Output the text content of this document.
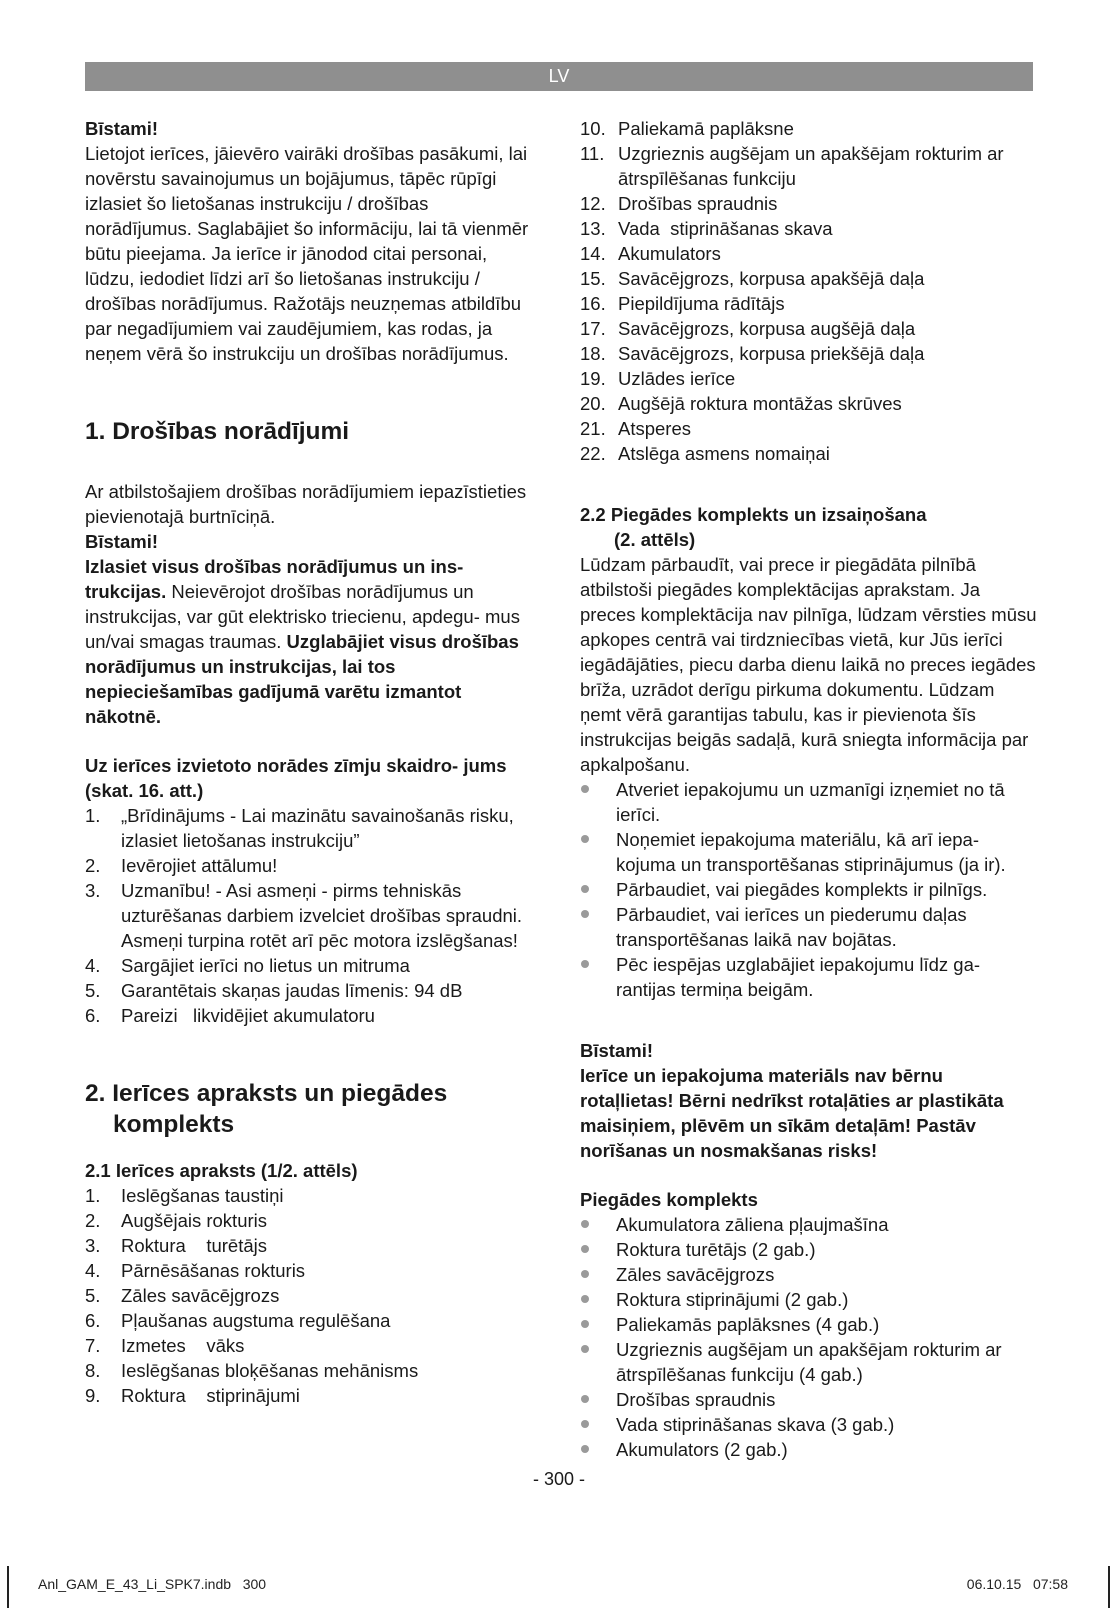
LV

Bīstami!

Lietojot ierīces, jāievēro vairāki drošības pasākumi, lai novērstu savainojumus un bojājumus, tāpēc rūpīgi izlasiet šo lietošanas instrukciju / drošības norādījumus. Saglabājiet šo informāciju, lai tā vienmēr būtu pieejama. Ja ierīce ir jānodod citai personai, lūdzu, iedodiet līdzi arī šo lietošanas instrukciju / drošības norādījumus. Ražotājs neuzņemas atbildību par negadījumiem vai zaudējumiem, kas rodas, ja neņem vērā šo instrukciju un drošības norādījumus.

1. Drošības norādījumi

Ar atbilstošajiem drošības norādījumiem iepazīstieties pievienotajā burtnīciņā.

Bīstami!

Izlasiet visus drošības norādījumus un ins- trukcijas. Neievērojot drošības norādījumus un instrukcijas, var gūt elektrisko triecienu, apdegu- mus un/vai smagas traumas. Uzglabājiet visus drošības norādījumus un instrukcijas, lai tos nepieciešamības gadījumā varētu izmantot nākotnē.

Uz ierīces izvietoto norādes zīmju skaidro- jums (skat. 16. att.)
1. „Brīdinājums - Lai mazinātu savainošanās risku, izlasiet lietošanas instrukciju”
2. Ievērojiet attālumu!
3. Uzmanību! - Asi asmeņi - pirms tehniskās uzturēšanas darbiem izvelciet drošības spraudni.
Asmeņi turpina rotēt arī pēc motora izslēgšanas!
4. Sargājiet ierīci no lietus un mitruma
5. Garantētais skaņas jaudas līmenis: 94 dB
6. Pareizi   likvidējiet akumulatoru
2. Ierīces apraksts un piegādes
komplekts
2.1 Ierīces apraksts (1/2. attēls)
1. Ieslēgšanas taustiņi
2. Augšējais rokturis
3. Roktura    turētājs
4. Pārnēsāšanas rokturis
5. Zāles savācējgrozs
6. Pļaušanas augstuma regulēšana
7. Izmetes    vāks
8. Ieslēgšanas bloķēšanas mehānisms
9. Roktura    stiprinājumi
10. Paliekamā paplāksne
11. Uzgrieznis augšējam un apakšējam rokturim ar ātrspīlēšanas funkciju
12. Drošības spraudnis
13. Vada  stiprināšanas skava
14. Akumulators
15. Savācējgrozs, korpusa apakšējā daļa
16. Piepildījuma rādītājs
17. Savācējgrozs, korpusa augšējā daļa
18. Savācējgrozs, korpusa priekšējā daļa
19. Uzlādes ierīce
20. Augšējā roktura montāžas skrūves
21. Atsperes
22. Atslēga asmens nomaiņai
2.2 Piegādes komplekts un izsaiņošana
(2. attēls)

Lūdzam pārbaudīt, vai prece ir piegādāta pilnībā atbilstoši piegādes komplektācijas aprakstam. Ja preces komplektācija nav pilnīga, lūdzam vērsties mūsu apkopes centrā vai tirdzniecības vietā, kur Jūs ierīci iegādājāties, piecu darba dienu laikā no preces iegādes brīža, uzrādot derīgu pirkuma dokumentu. Lūdzam ņemt vērā garantijas tabulu, kas ir pievienota šīs instrukcijas beigās sadaļā, kurā sniegta informācija par apkalpošanu.

Atveriet iepakojumu un uzmanīgi izņemiet no tā ierīci.
Noņemiet iepakojuma materiālu, kā arī iepa- kojuma un transportēšanas stiprinājumus (ja ir).
Pārbaudiet, vai piegādes komplekts ir pilnīgs.
Pārbaudiet, vai ierīces un piederumu daļas transportēšanas laikā nav bojātas.
Pēc iespējas uzglabājiet iepakojumu līdz ga- rantijas termiņa beigām.

Bīstami!

Ierīce un iepakojuma materiāls nav bērnu rotaļlietas! Bērni nedrīkst rotaļāties ar plastikāta maisiņiem, plēvēm un sīkām detaļām! Pastāv norīšanas un nosmakšanas risks!

Piegādes komplekts

Akumulatora zāliena pļaujmašīna
Roktura turētājs (2 gab.)
Zāles savācējgrozs
Roktura stiprinājumi (2 gab.)
Paliekamās paplāksnes (4 gab.)
Uzgrieznis augšējam un apakšējam rokturim ar ātrspīlēšanas funkciju (4 gab.)
Drošības spraudnis
Vada stiprināšanas skava (3 gab.)
Akumulators (2 gab.)
- 300 -
Anl_GAM_E_43_Li_SPK7.indb   300	06.10.15   07:58
